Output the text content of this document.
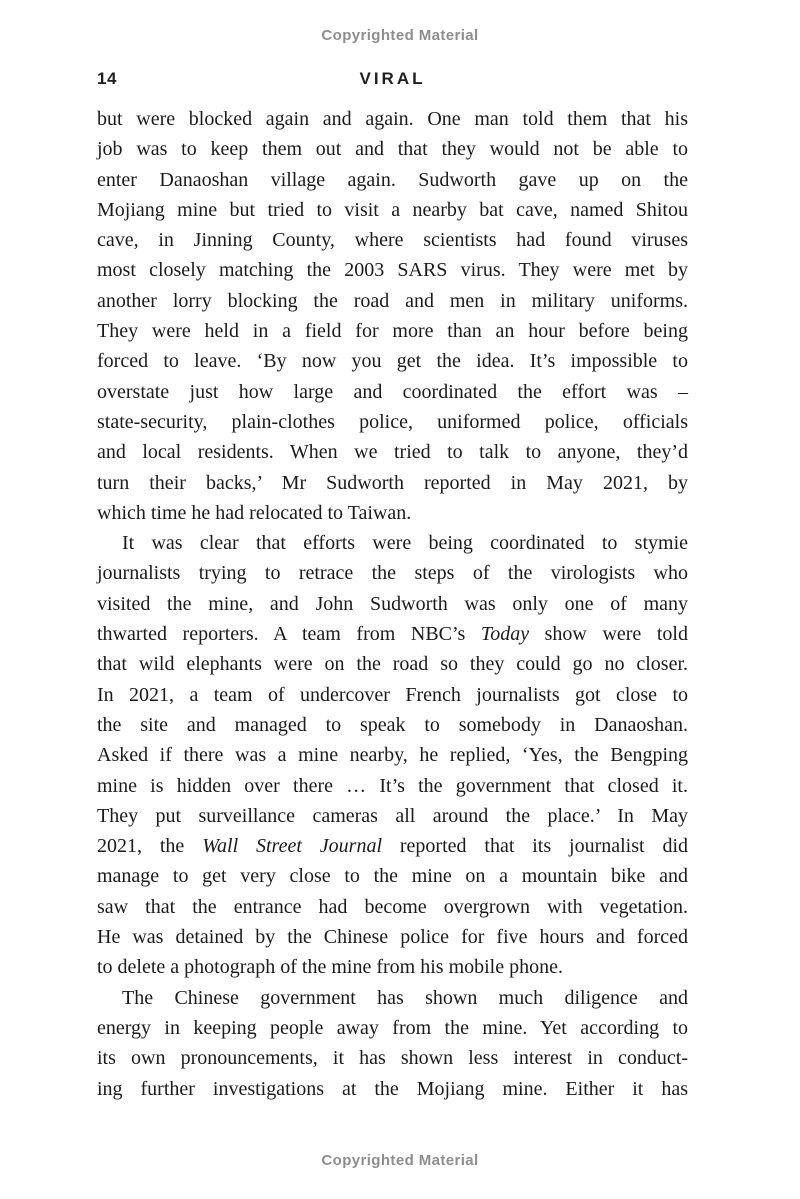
Copyrighted Material
14	VIRAL
but were blocked again and again. One man told them that his
job was to keep them out and that they would not be able to
enter Danaoshan village again. Sudworth gave up on the
Mojiang mine but tried to visit a nearby bat cave, named Shitou
cave, in Jinning County, where scientists had found viruses
most closely matching the 2003 SARS virus. They were met by
another lorry blocking the road and men in military uniforms.
They were held in a field for more than an hour before being
forced to leave. ‘By now you get the idea. It’s impossible to
overstate just how large and coordinated the effort was –
state-security, plain-clothes police, uniformed police, officials
and local residents. When we tried to talk to anyone, they’d
turn their backs,’ Mr Sudworth reported in May 2021, by
which time he had relocated to Taiwan.
It was clear that efforts were being coordinated to stymie
journalists trying to retrace the steps of the virologists who
visited the mine, and John Sudworth was only one of many
thwarted reporters. A team from NBC’s Today show were told
that wild elephants were on the road so they could go no closer.
In 2021, a team of undercover French journalists got close to
the site and managed to speak to somebody in Danaoshan.
Asked if there was a mine nearby, he replied, ‘Yes, the Bengping
mine is hidden over there … It’s the government that closed it.
They put surveillance cameras all around the place.’ In May
2021, the Wall Street Journal reported that its journalist did
manage to get very close to the mine on a mountain bike and
saw that the entrance had become overgrown with vegetation.
He was detained by the Chinese police for five hours and forced
to delete a photograph of the mine from his mobile phone.
The Chinese government has shown much diligence and
energy in keeping people away from the mine. Yet according to
its own pronouncements, it has shown less interest in conduct-
ing further investigations at the Mojiang mine. Either it has
Copyrighted Material
